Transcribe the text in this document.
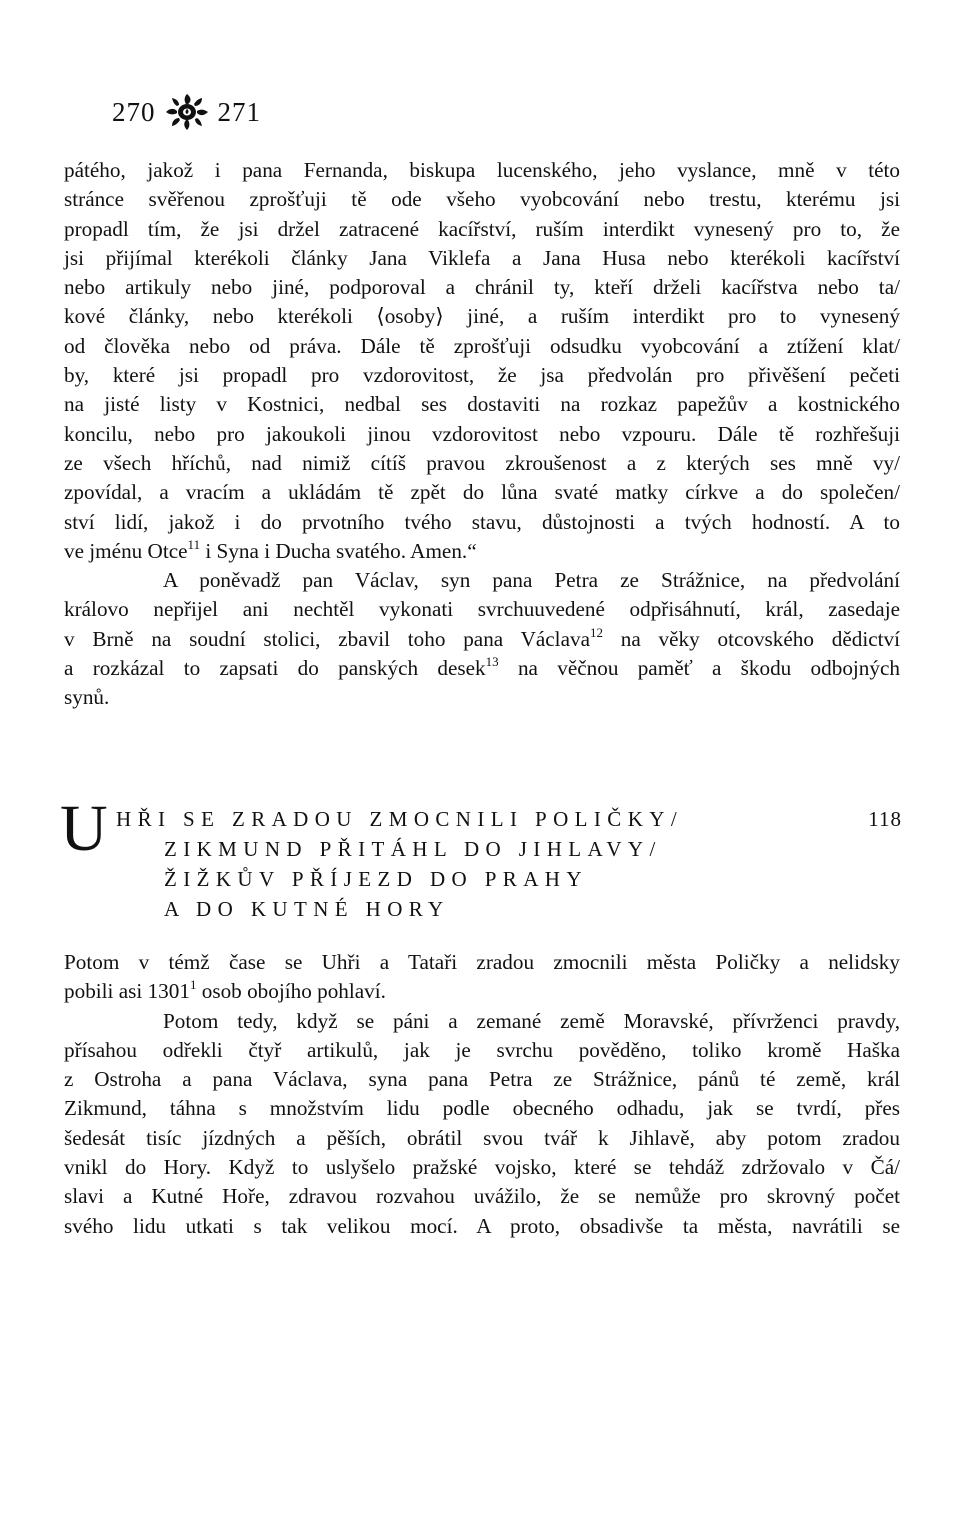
270 271
pátého, jakož i pana Fernanda, biskupa lucenského, jeho vyslance, mně v této
stránce svěřenou zprošťuji tě ode všeho vyobcování nebo trestu, kterému jsi
propadl tím, že jsi držel zatracené kacířství, ruším interdikt vynesený pro to, že
jsi přijímal kterékoli články Jana Viklefa a Jana Husa nebo kterékoli kacířství
nebo artikuly nebo jiné, podporoval a chránil ty, kteří drželi kacířstva nebo ta/
kové články, nebo kterékoli ⟨osoby⟩ jiné, a ruším interdikt pro to vynesený
od člověka nebo od práva. Dále tě zprošťuji odsudku vyobcování a ztížení klat/
by, které jsi propadl pro vzdorovitost, že jsa předvolán pro přivěšení pečeti
na jisté listy v Kostnici, nedbal ses dostaviti na rozkaz papežův a kostnického
koncilu, nebo pro jakoukoli jinou vzdorovitost nebo vzpouru. Dále tě rozhřešuji
ze všech hříchů, nad nimiž cítíš pravou zkroušenost a z kterých ses mně vy/
zpovídal, a vracím a ukládám tě zpět do lůna svaté matky církve a do společen/
ství lidí, jakož i do prvotního tvého stavu, důstojnosti a tvých hodností. A to
ve jménu Otce$^{11}$ i Syna i Ducha svatého. Amen.“
A poněvadž pan Václav, syn pana Petra ze Strážnice, na předvolání
královo nepřijel ani nechtěl vykonati svrchuuvedené odpřisáhnutí, král, zasedaje
v Brně na soudní stolici, zbavil toho pana Václava$^{12}$ na věky otcovského dědictví
a rozkázal to zapsati do panských desek$^{13}$ na věčnou paměť a škodu odbojných
synů.
U HŘI SE ZRADOU ZMOCNILI POLIČKY/
ZIKMUND PŘITÁHL DO JIHLAVY/
ŽIŽKŮV PŘÍJEZD DO PRAHY
A DO KUTNÉ HORY
118
Potom v témž čase se Uhři a Tataři zradou zmocnili města Poličky a nelidsky
pobili asi 1301$^1$ osob obojího pohlaví.
Potom tedy, když se páni a zemané země Moravské, přívrženci pravdy,
přísahou odřekli čtyř artikulů, jak je svrchu pověděno, toliko kromě Haška
z Ostroha a pana Václava, syna pana Petra ze Strážnice, pánů té země, král
Zikmund, táhna s množstvím lidu podle obecného odhadu, jak se tvrdí, přes
šedesát tisíc jízdných a pěších, obrátil svou tvář k Jihlavě, aby potom zradou
vnikl do Hory. Když to uslyšelo pražské vojsko, které se tehdáž zdržovalo v Čá/
slavi a Kutné Hoře, zdravou rozvahou uvážilo, že se nemůže pro skrovný počet
svého lidu utkati s tak velikou mocí. A proto, obsadivše ta města, navrátili se
